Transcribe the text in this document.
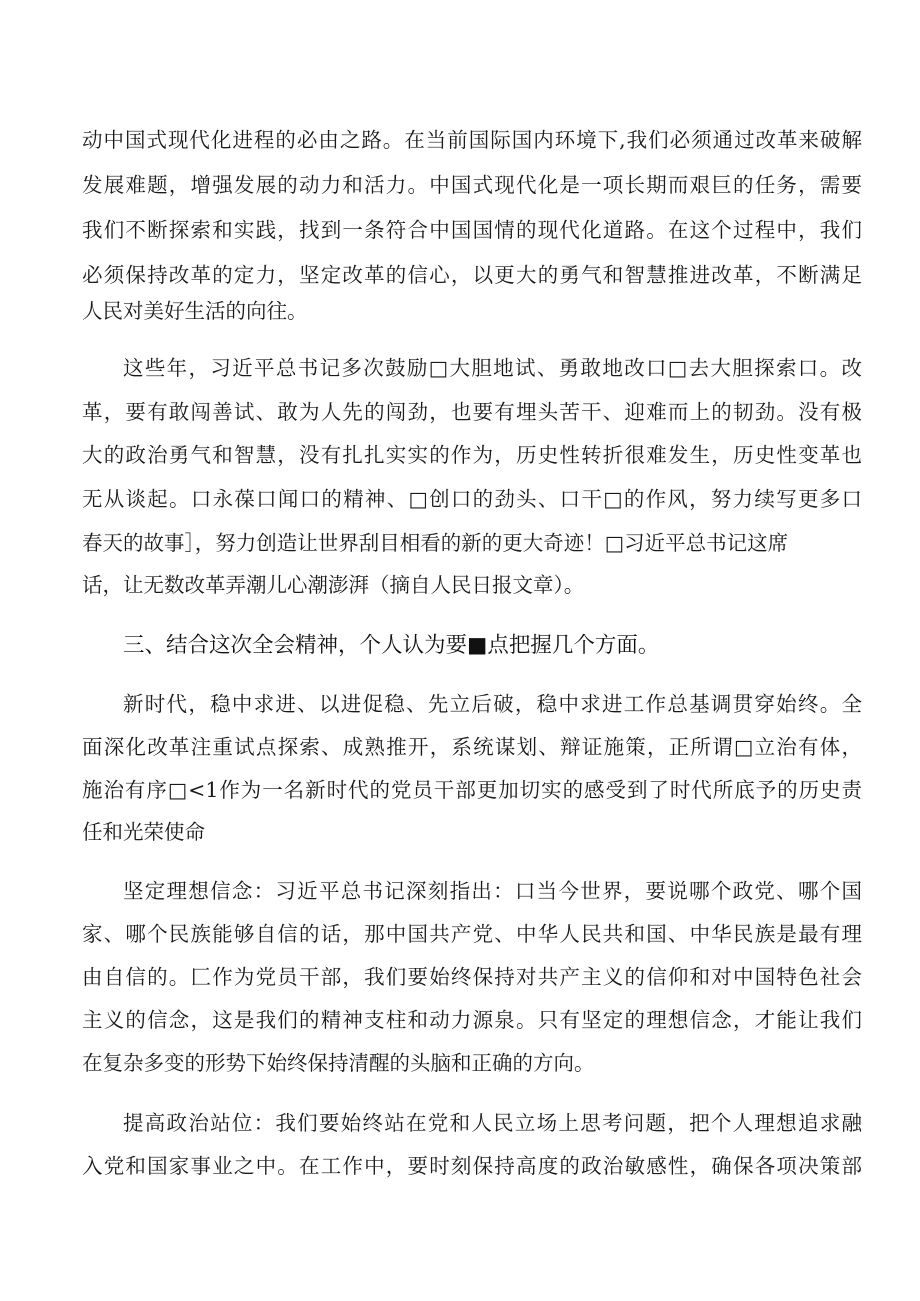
动中国式现代化进程的必由之路。在当前国际国内环境下,我们必须通过改革来破解
发展难题，增强发展的动力和活力。中国式现代化是一项长期而艰巨的任务，需要
我们不断探索和实践，找到一条符合中国国情的现代化道路。在这个过程中，我们
必须保持改革的定力，坚定改革的信心，以更大的勇气和智慧推进改革，不断满足
人民对美好生活的向往。
这些年，习近平总书记多次鼓励□大胆地试、勇敢地改口□去大胆探索口。改
革，要有敢闯善试、敢为人先的闯劲，也要有埋头苦干、迎难而上的韧劲。没有极
大的政治勇气和智慧，没有扎扎实实的作为，历史性转折很难发生，历史性变革也
无从谈起。口永葆口闻口的精神、□创口的劲头、口干□的作风，努力续写更多口
春天的故事］，努力创造让世界刮目相看的新的更大奇迹！□习近平总书记这席
话，让无数改革弄潮儿心潮澎湃（摘自人民日报文章）。
三、结合这次全会精神，个人认为要■点把握几个方面。
新时代，稳中求进、以进促稳、先立后破，稳中求进工作总基调贯穿始终。全
面深化改革注重试点探索、成熟推开，系统谋划、辩证施策，正所谓□立治有体，
施治有序□<1作为一名新时代的党员干部更加切实的感受到了时代所底予的历史责
任和光荣使命
坚定理想信念：习近平总书记深刻指出：口当今世界，要说哪个政党、哪个国
家、哪个民族能够自信的话，那中国共产党、中华人民共和国、中华民族是最有理
由自信的。匚作为党员干部，我们要始终保持对共产主义的信仰和对中国特色社会
主义的信念，这是我们的精神支柱和动力源泉。只有坚定的理想信念，才能让我们
在复杂多变的形势下始终保持清醒的头脑和正确的方向。
提高政治站位：我们要始终站在党和人民立场上思考问题，把个人理想追求融
入党和国家事业之中。在工作中，要时刻保持高度的政治敏感性，确保各项决策部
